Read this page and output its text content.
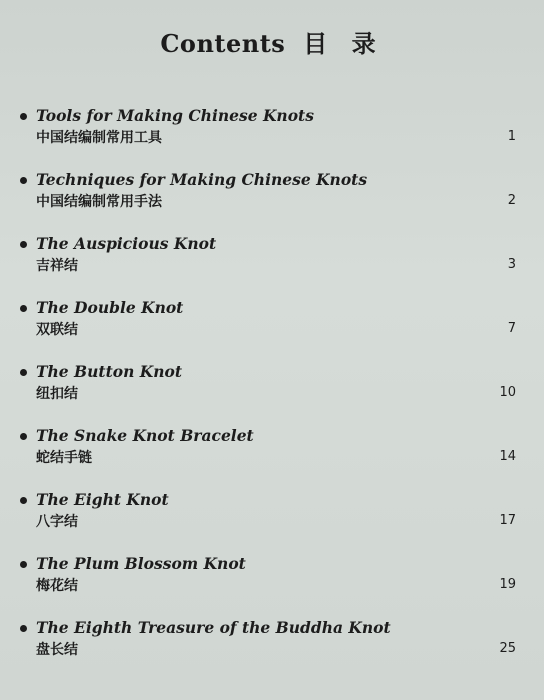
Contents 目 录
Tools for Making Chinese Knots
中国结编制常用工具	1
Techniques for Making Chinese Knots
中国结编制常用手法	2
The Auspicious Knot
吉祥结	3
The Double Knot
双联结	7
The Button Knot
纽扣结	10
The Snake Knot Bracelet
蛇结手链	14
The Eight Knot
八字结	17
The Plum Blossom Knot
梅花结	19
The Eighth Treasure of the Buddha Knot
盘长结	25
